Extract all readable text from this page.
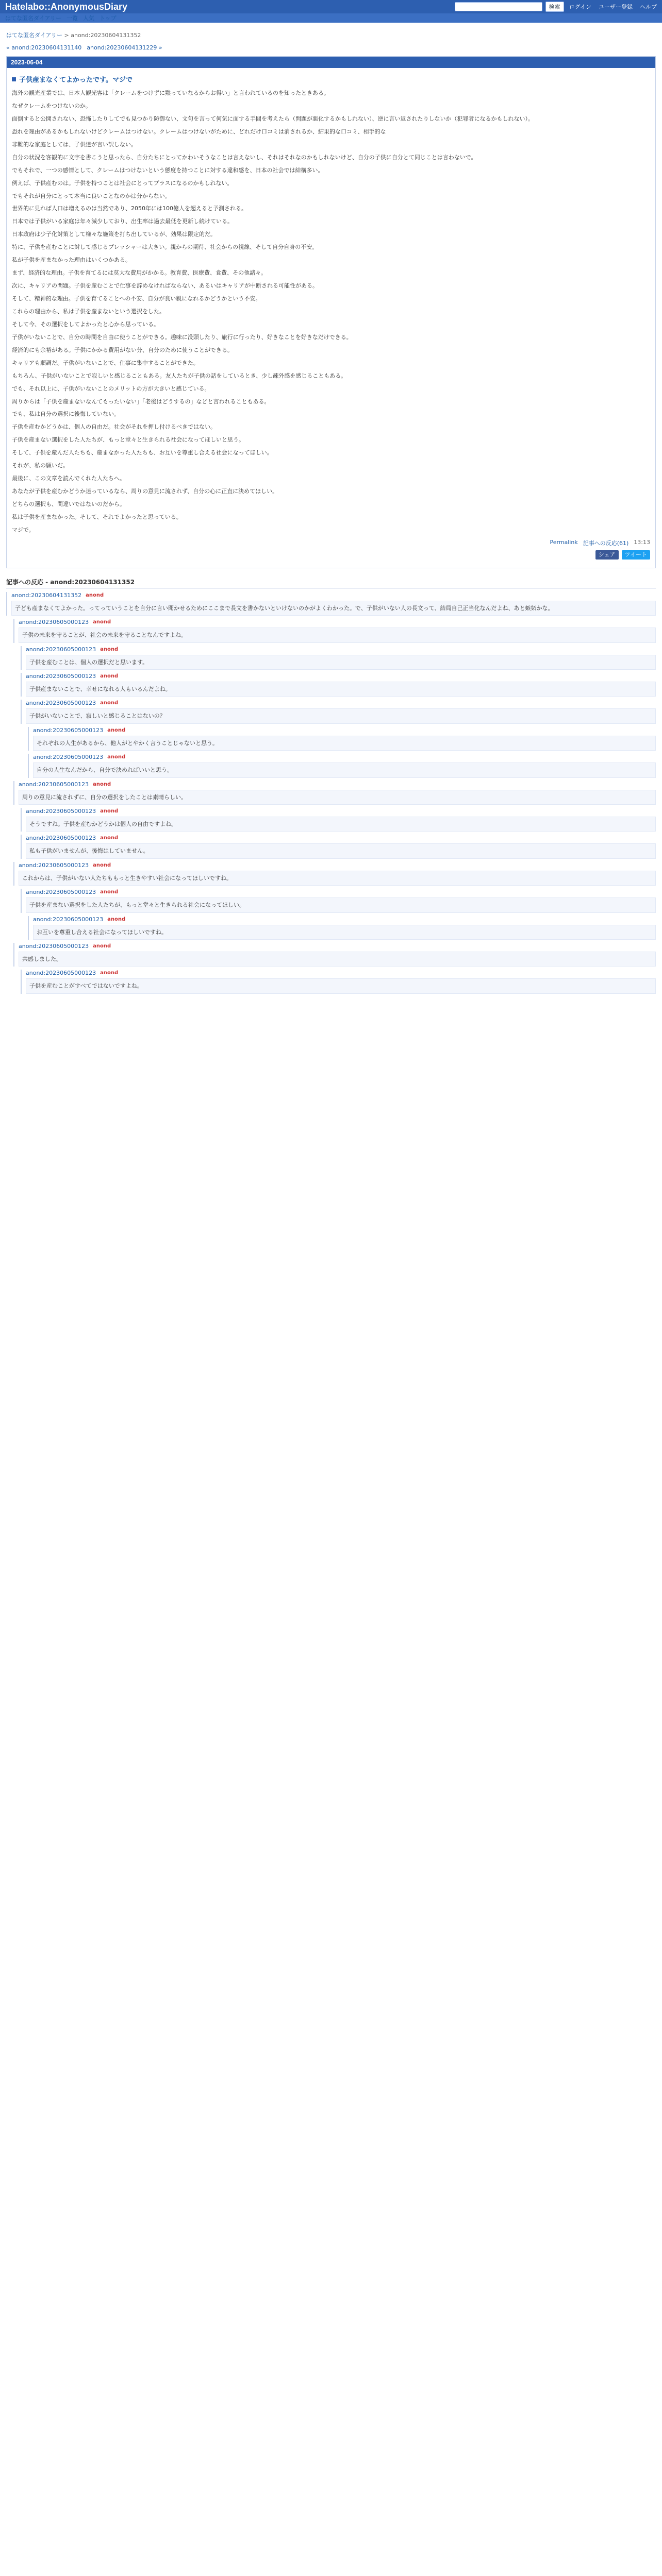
Hatelabo::AnonymousDiary	検索	ログイン ユーザー登録 ヘルプ
はてな匿名ダイアリー 一覧 人気 トップ
はてな匿名ダイアリー > anond:20230604131352
« anond:20230604131140 anond:20230604131229 »
2023-06-04
子供産まなくてよかったです。マジで

海外の観光産業では、日本人観光客は「クレームをつけずに黙っていなるからお得い」と言われているのを知ったときある。

なぜクレームをつけないのか。

面倒すると公開されない、恐怖したりしてでも見つかり防御ない、文句を言って何気に面する手間を考えたら（問題が悪化するかもしれない）、逆に言い返されたりしないか（犯罪者になるかもしれない）。

恐れを理由があるかもしれないけどクレームはつけない。クレームはつけないがために、どれだけ口コミは消されるか、結果的な口コミ、相手的な

非難的な家庭としては、子供達が言い訳しない。

自分の状況を客観的に文字を書こうと思ったら、自分たちにとってかわいそうなことは言えないし、それはそれなのかもしれないけど、自分の子供に自分とて同じことは言わないで。

でもそれで、一つの感情として、クレームはつけないという態度を持つことに対する違和感を、日本の社会では結構多い。

例えば、子供産むのは。子供を持つことは社会にとってプラスになるのかもしれない。

でもそれが自分にとって本当に良いことなのかは分からない。

世界的に見れば人口は増えるのは当然であり、2050年には100億人を超えると予測される。

日本では子供がいる家庭は年々減少しており、出生率は過去最低を更新し続けている。

日本政府は少子化対策として様々な施策を打ち出しているが、効果は限定的だ。

特に、子供を産むことに対して感じるプレッシャーは大きい。親からの期待、社会からの視線、そして自分自身の不安。

私が子供を産まなかった理由はいくつかある。

まず、経済的な理由。子供を育てるには莫大な費用がかかる。教育費、医療費、食費、その他諸々。

次に、キャリアの問題。子供を産むことで仕事を辞めなければならない、あるいはキャリアが中断される可能性がある。

そして、精神的な理由。子供を育てることへの不安、自分が良い親になれるかどうかという不安。

これらの理由から、私は子供を産まないという選択をした。

そして今、その選択をしてよかったと心から思っている。

子供がいないことで、自分の時間を自由に使うことができる。趣味に没頭したり、旅行に行ったり、好きなことを好きなだけできる。

経済的にも余裕がある。子供にかかる費用がない分、自分のために使うことができる。

キャリアも順調だ。子供がいないことで、仕事に集中することができた。

もちろん、子供がいないことで寂しいと感じることもある。友人たちが子供の話をしているとき、少し疎外感を感じることもある。

でも、それ以上に、子供がいないことのメリットの方が大きいと感じている。

周りからは「子供を産まないなんてもったいない」「老後はどうするの」などと言われることもある。

でも、私は自分の選択に後悔していない。

子供を産むかどうかは、個人の自由だ。社会がそれを押し付けるべきではない。

子供を産まない選択をした人たちが、もっと堂々と生きられる社会になってほしいと思う。

そして、子供を産んだ人たちも、産まなかった人たちも、お互いを尊重し合える社会になってほしい。

それが、私の願いだ。

最後に、この文章を読んでくれた人たちへ。

あなたが子供を産むかどうか迷っているなら、周りの意見に流されず、自分の心に正直に決めてほしい。

どちらの選択も、間違いではないのだから。

私は子供を産まなかった。そして、それでよかったと思っている。

マジで。

Permalink 記事への反応(61) 13:13
シェア	ツイート
記事への反応 - anond:20230604131352
anond:20230604131352 anond
子ども産まなくてよかった。ってっていうことを自分に言い聞かせるためにここまで長文を書かないといけないのかがよくわかった。で、子供がいない人の長文って、結局自己正当化なんだよね、あと嫉妬かな。
anond:20230605000123 anond
子供の未来を守ることが、社会の未来を守ることなんですよね。
anond:20230605000123 anond
子供を産むことは、個人の選択だと思います。
anond:20230605000123 anond
子供産まないことで、幸せになれる人もいるんだよね。
anond:20230605000123 anond
子供がいないことで、寂しいと感じることはないの？
anond:20230605000123 anond
それぞれの人生があるから、他人がとやかく言うことじゃないと思う。
anond:20230605000123 anond
自分の人生なんだから、自分で決めればいいと思う。
anond:20230605000123 anond
周りの意見に流されずに、自分の選択をしたことは素晴らしい。
anond:20230605000123 anond
そうですね。子供を産むかどうかは個人の自由ですよね。
anond:20230605000123 anond
私も子供がいませんが、後悔はしていません。
anond:20230605000123 anond
これからは、子供がいない人たちももっと生きやすい社会になってほしいですね。
anond:20230605000123 anond
子供を産まない選択をした人たちが、もっと堂々と生きられる社会になってほしい。
anond:20230605000123 anond
お互いを尊重し合える社会になってほしいですね。
anond:20230605000123 anond
共感しました。
anond:20230605000123 anond
子供を産むことがすべてではないですよね。
